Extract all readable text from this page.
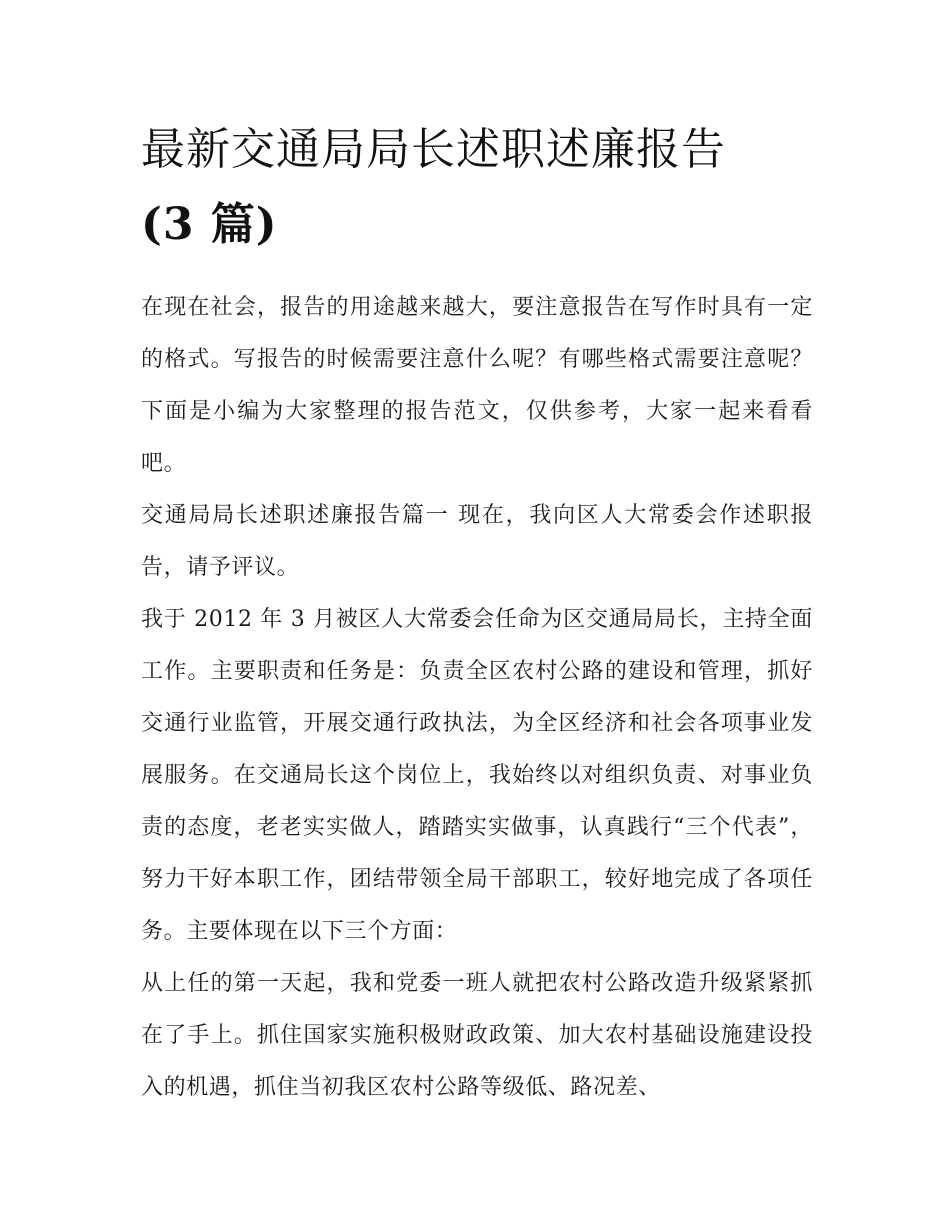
最新交通局局长述职述廉报告
(3 篇)

在现在社会，报告的用途越来越大，要注意报告在写作时具有一定的格式。写报告的时候需要注意什么呢？有哪些格式需要注意呢？下面是小编为大家整理的报告范文，仅供参考，大家一起来看看吧。

交通局局长述职述廉报告篇一 现在，我向区人大常委会作述职报告，请予评议。

我于 2012 年 3 月被区人大常委会任命为区交通局局长，主持全面工作。主要职责和任务是：负责全区农村公路的建设和管理，抓好交通行业监管，开展交通行政执法，为全区经济和社会各项事业发展服务。在交通局长这个岗位上，我始终以对组织负责、对事业负责的态度，老老实实做人，踏踏实实做事，认真践行“三个代表”，努力干好本职工作，团结带领全局干部职工，较好地完成了各项任务。主要体现在以下三个方面：

从上任的第一天起，我和党委一班人就把农村公路改造升级紧紧抓在了手上。抓住国家实施积极财政政策、加大农村基础设施建设投入的机遇，抓住当初我区农村公路等级低、路况差、
